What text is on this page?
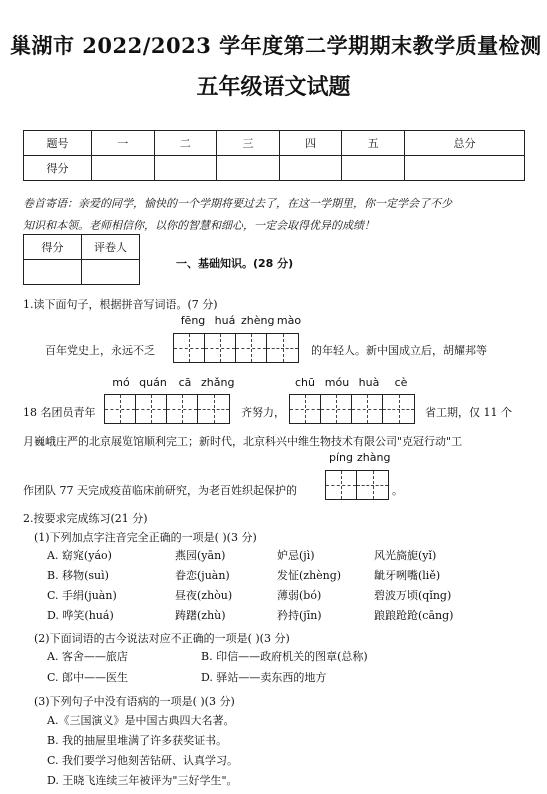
巢湖市 2022/2023 学年度第二学期期末教学质量检测
五年级语文试题
题号	一	二	三	四	五	总分
得分						
卷首寄语：亲爱的同学，愉快的一个学期将要过去了，在这一学期里，你一定学会了不少
知识和本领。老师相信你，以你的智慧和细心，一定会取得优异的成绩！
得分	评卷人

一、基础知识。(28 分)
1.读下面句子，根据拼音写词语。(7 分)
fēng huá zhèng mào
百年党史上，永远不乏	的年轻人。新中国成立后，胡耀邦等
mó quán	cā zhǎng	chū móu huà	cè
18 名团员青年	齐努力，	省工期，仅 11 个
月巍峨庄严的北京展览馆顺利完工；新时代，北京科兴中维生物技术有限公司"克冠行动"工
píng zhàng
作团队 77 天完成疫苗临床前研究，为老百姓织起保护的	。
2.按要求完成练习(21 分)
(1)下列加点字注音完全正确的一项是( )(3 分)
A. 窈窕(yáo)	燕园(yān)	妒忌(jì)	风光旖旎(yǐ)
B. 移物(suì)	眷恋(juàn)	发怔(zhèng)	龇牙咧嘴(liě)
C. 手绢(juàn)	昼夜(zhòu)	薄弱(bó)	碧波万顷(qǐng)
D. 哗笑(huá)	踌躇(zhù)	矜持(jīn)	踉踉跄跄(cāng)
(2)下面词语的古今说法对应不正确的一项是( )(3 分)
A. 客舍——旅店	B. 印信——政府机关的图章(总称)
C. 郎中——医生	D. 驿站——卖东西的地方
(3)下列句子中没有语病的一项是( )(3 分)
A.《三国演义》是中国古典四大名著。
B. 我的抽屉里堆满了许多获奖证书。
C. 我们要学习他刻苦钻研、认真学习。
D. 王晓飞连续三年被评为"三好学生"。
